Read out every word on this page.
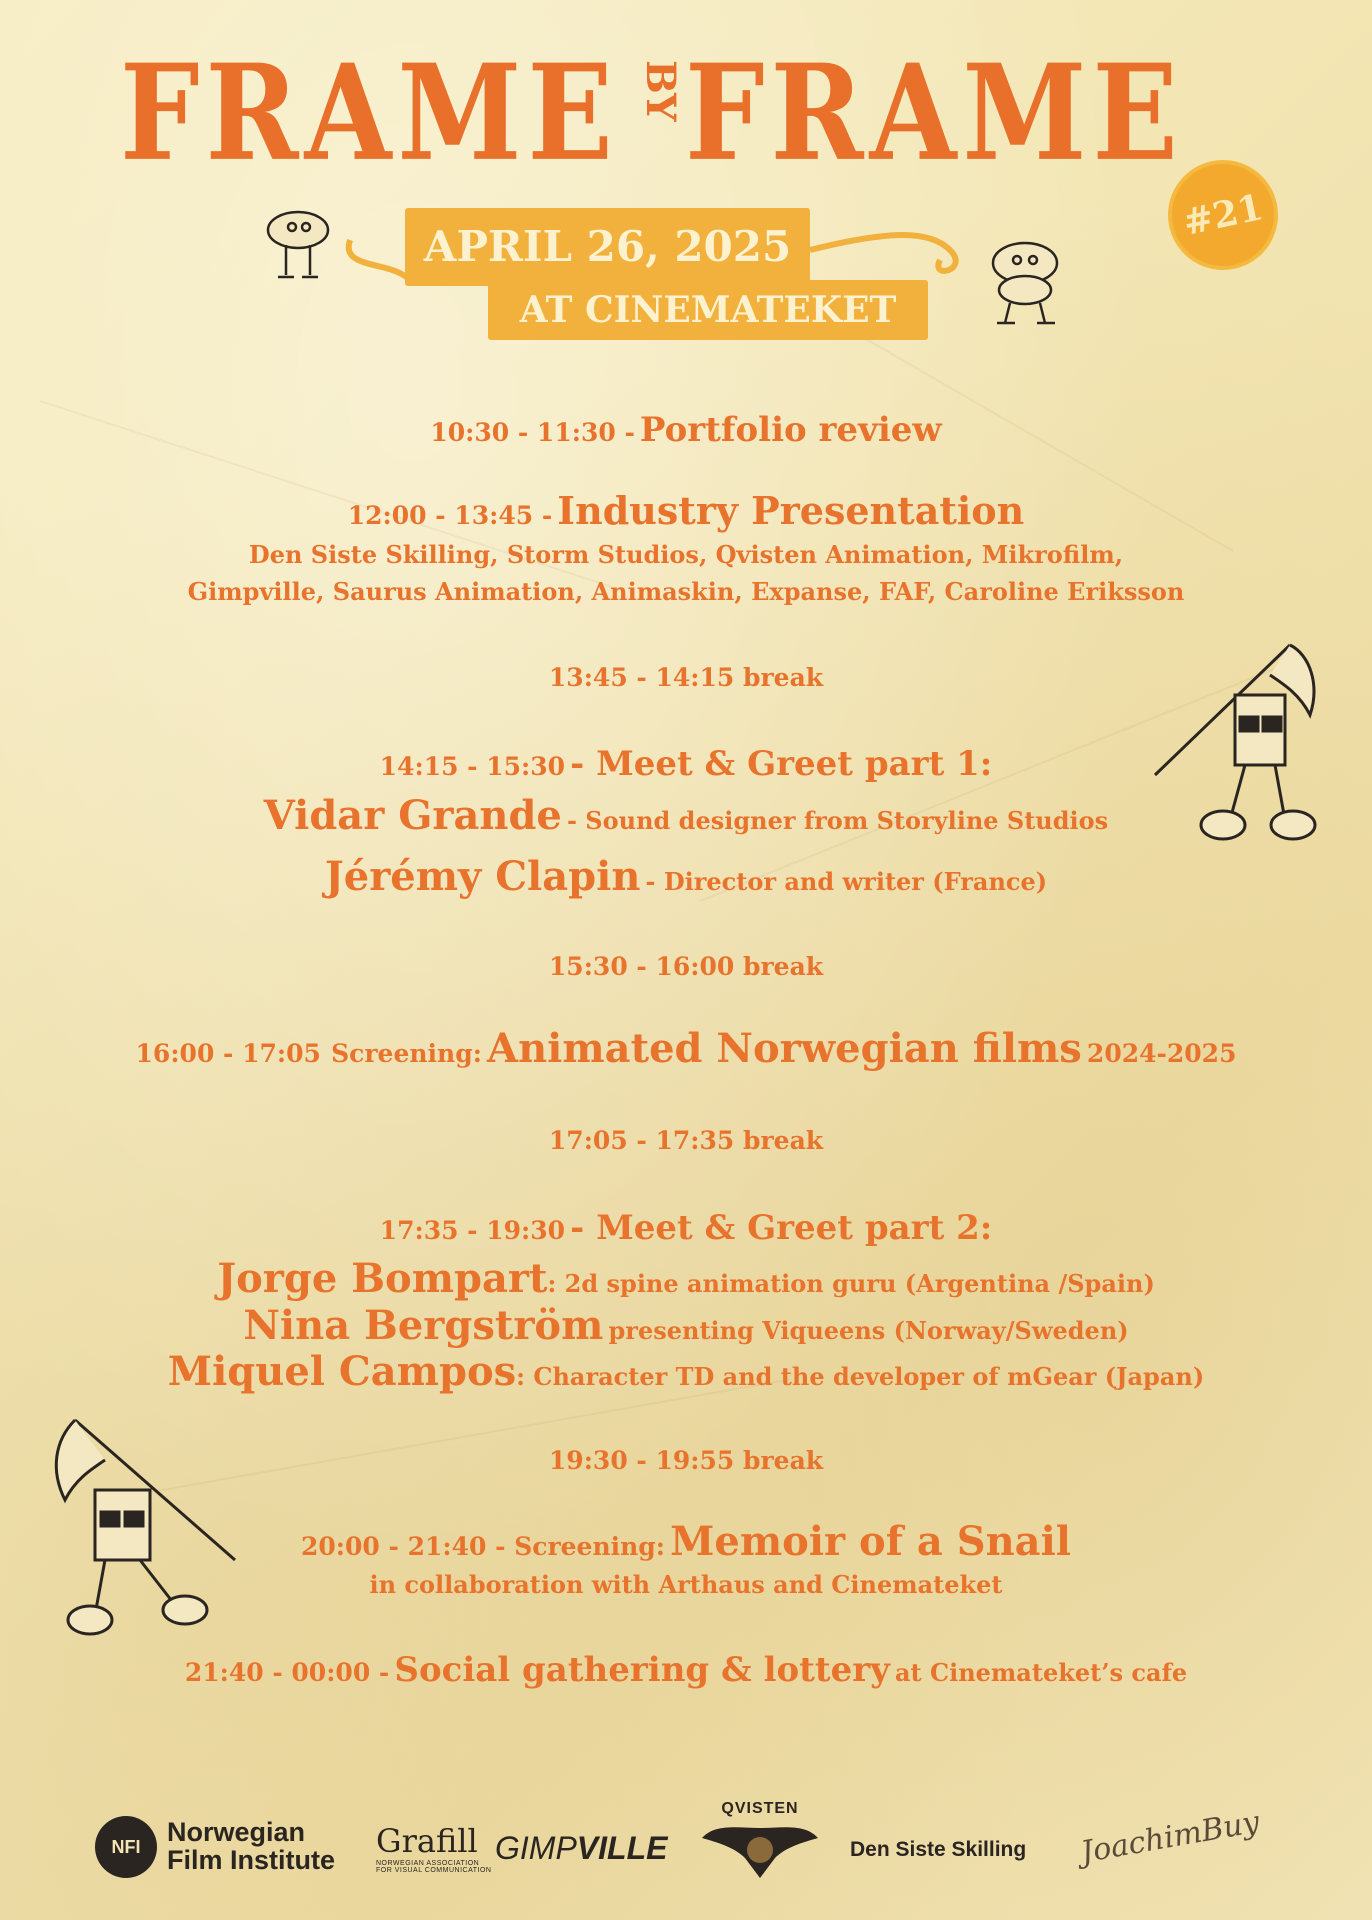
FRAME BY FRAME
#21
APRIL 26, 2025
AT CINEMATEKET
10:30 - 11:30 - Portfolio review
12:00 - 13:45 - Industry Presentation
Den Siste Skilling, Storm Studios, Qvisten Animation, Mikrofilm,
Gimpville, Saurus Animation, Animaskin, Expanse, FAF, Caroline Eriksson
13:45 - 14:15 break
14:15 - 15:30 - Meet & Greet part 1:
Vidar Grande - Sound designer from Storyline Studios
Jérémy Clapin - Director and writer (France)
15:30 - 16:00 break
16:00 - 17:05 Screening: Animated Norwegian films 2024-2025
17:05 - 17:35 break
17:35 - 19:30 - Meet & Greet part 2:
Jorge Bompart: 2d spine animation guru (Argentina /Spain)
Nina Bergström presenting Viqueens (Norway/Sweden)
Miquel Campos: Character TD and the developer of mGear (Japan)
19:30 - 19:55 break
20:00 - 21:40 - Screening: Memoir of a Snail
in collaboration with Arthaus and Cinemateket
21:40 - 00:00 - Social gathering & lottery at Cinemateket’s cafe
NFI Norwegian
Film Institute Grafill
NORWEGIAN ASSOCIATION
FOR VISUAL COMMUNICATION
GIMPVILLE
QVISTEN
Den Siste Skilling JoachimBuy
